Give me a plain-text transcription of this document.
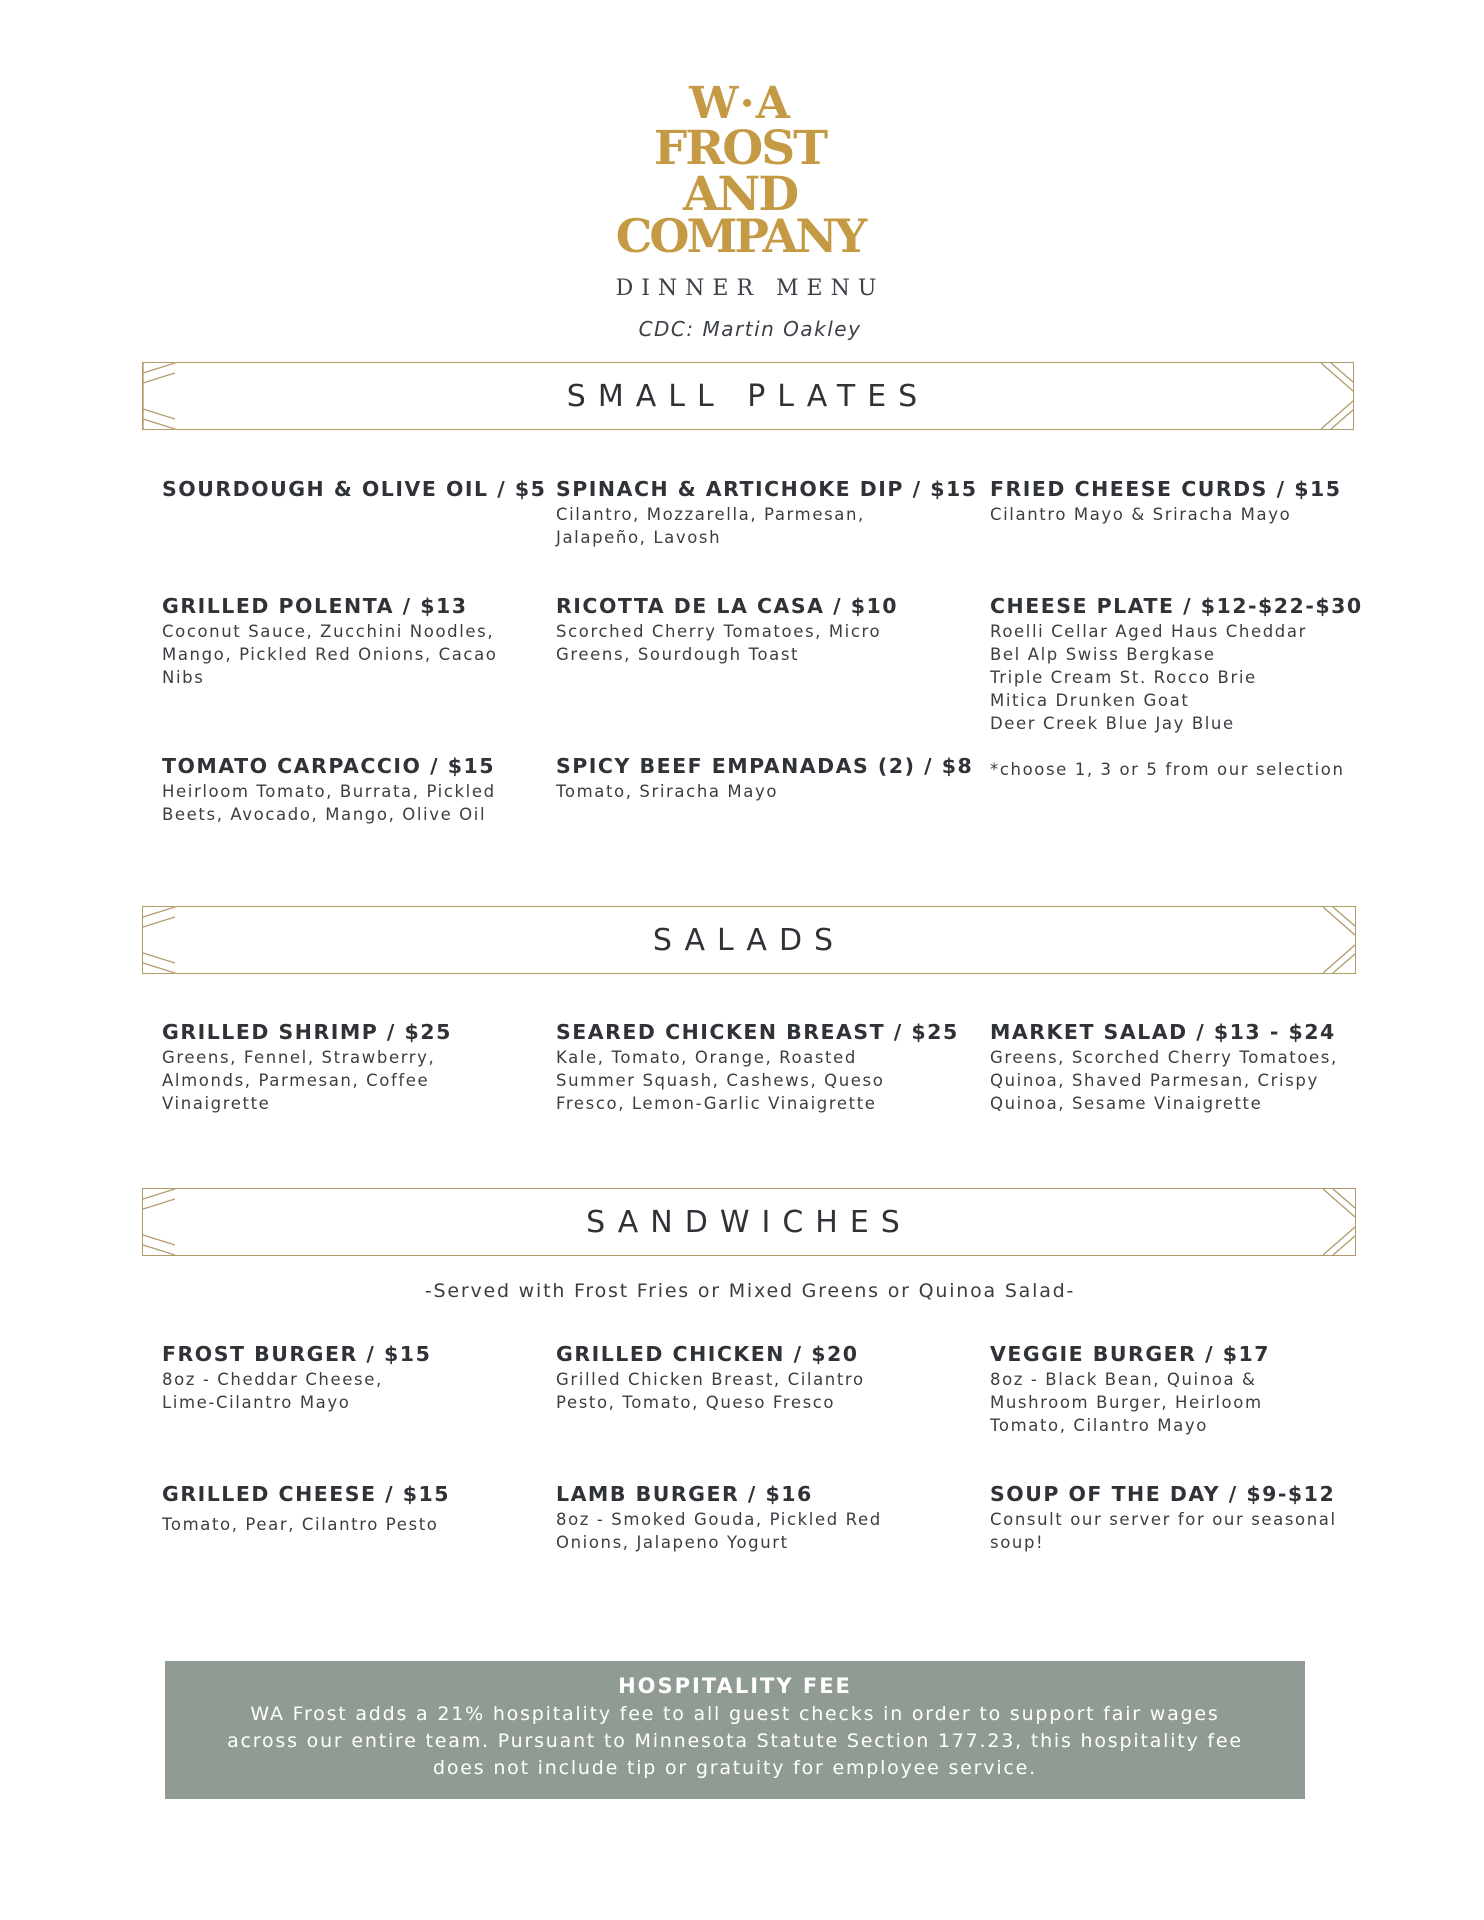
W·A
FROST
AND
COMPANY
DINNER MENU
CDC: Martin Oakley
SMALL PLATES
SOURDOUGH & OLIVE OIL / $5 SPINACH & ARTICHOKE DIP / $15
Cilantro, Mozzarella, Parmesan, Jalapeño, Lavosh
FRIED CHEESE CURDS / $15
Cilantro Mayo & Sriracha Mayo
GRILLED POLENTA / $13
Coconut Sauce, Zucchini Noodles, Mango, Pickled Red Onions, Cacao Nibs
RICOTTA DE LA CASA / $10
Scorched Cherry Tomatoes, Micro Greens, Sourdough Toast
CHEESE PLATE / $12-$22-$30
Roelli Cellar Aged Haus Cheddar
Bel Alp Swiss Bergkase
Triple Cream St. Rocco Brie
Mitica Drunken Goat
Deer Creek Blue Jay Blue
TOMATO CARPACCIO / $15
Heirloom Tomato, Burrata, Pickled Beets, Avocado, Mango, Olive Oil
SPICY BEEF EMPANADAS (2) / $8
Tomato, Sriracha Mayo
*choose 1, 3 or 5 from our selection
SALADS
GRILLED SHRIMP / $25
Greens, Fennel, Strawberry, Almonds, Parmesan, Coffee Vinaigrette
SEARED CHICKEN BREAST / $25
Kale, Tomato, Orange, Roasted Summer Squash, Cashews, Queso Fresco, Lemon-Garlic Vinaigrette
MARKET SALAD / $13 - $24
Greens, Scorched Cherry Tomatoes, Quinoa, Shaved Parmesan, Crispy Quinoa, Sesame Vinaigrette
SANDWICHES
-Served with Frost Fries or Mixed Greens or Quinoa Salad-
FROST BURGER / $15
8oz - Cheddar Cheese, Lime-Cilantro Mayo
GRILLED CHICKEN / $20
Grilled Chicken Breast, Cilantro Pesto, Tomato, Queso Fresco
VEGGIE BURGER / $17
8oz - Black Bean, Quinoa & Mushroom Burger, Heirloom Tomato, Cilantro Mayo
GRILLED CHEESE / $15
Tomato, Pear, Cilantro Pesto
LAMB BURGER / $16
8oz - Smoked Gouda, Pickled Red Onions, Jalapeno Yogurt
SOUP OF THE DAY / $9-$12
Consult our server for our seasonal soup!
HOSPITALITY FEE
WA Frost adds a 21% hospitality fee to all guest checks in order to support fair wages across our entire team. Pursuant to Minnesota Statute Section 177.23, this hospitality fee does not include tip or gratuity for employee service.
